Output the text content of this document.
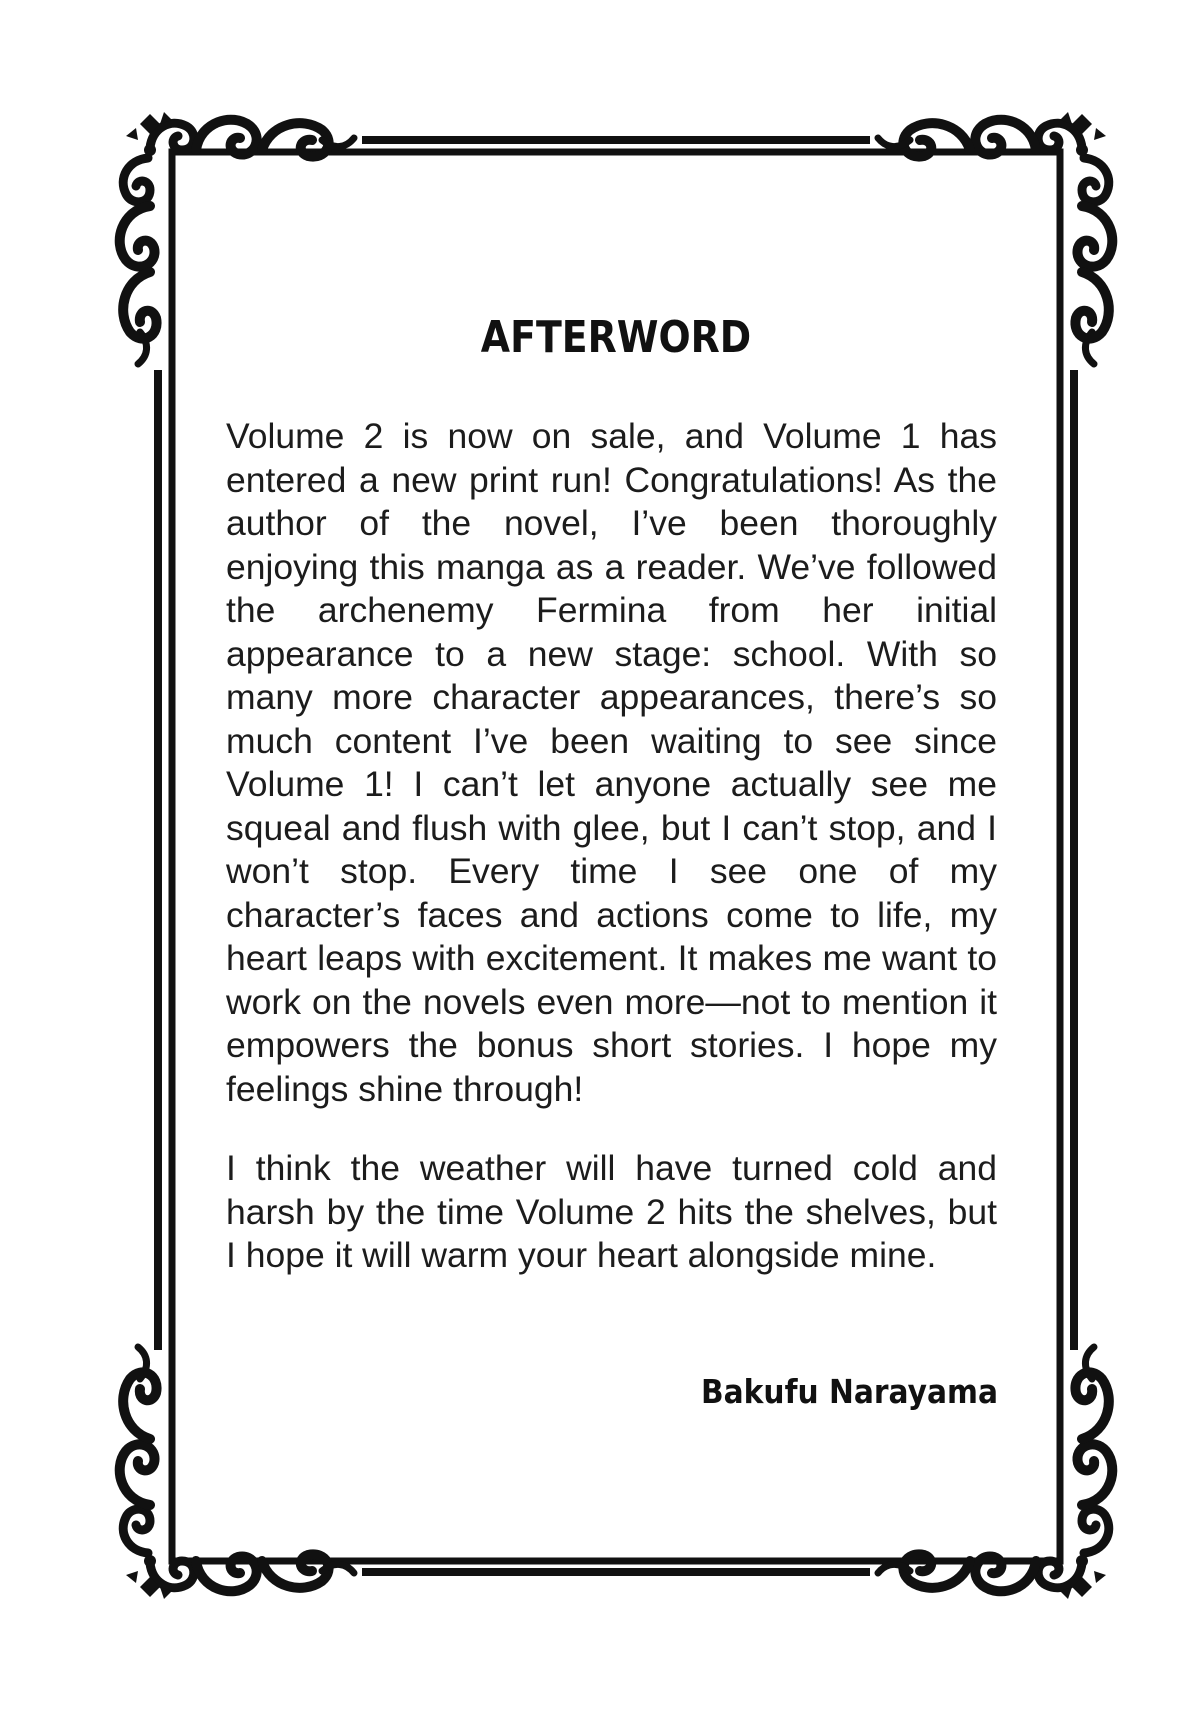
AFTERWORD

Volume 2 is now on sale, and Volume 1 has entered a new print run! Congratulations! As the author of the novel, I’ve been thoroughly enjoying this manga as a reader. We’ve followed the archenemy Fermina from her initial appearance to a new stage: school. With so many more character appearances, there’s so much content I’ve been waiting to see since Volume 1! I can’t let anyone actually see me squeal and flush with glee, but I can’t stop, and I won’t stop. Every time I see one of my character’s faces and actions come to life, my heart leaps with excitement. It makes me want to work on the novels even more—not to mention it empowers the bonus short stories. I hope my feelings shine through!

I think the weather will have turned cold and harsh by the time Volume 2 hits the shelves, but I hope it will warm your heart alongside mine.

Bakufu Narayama
